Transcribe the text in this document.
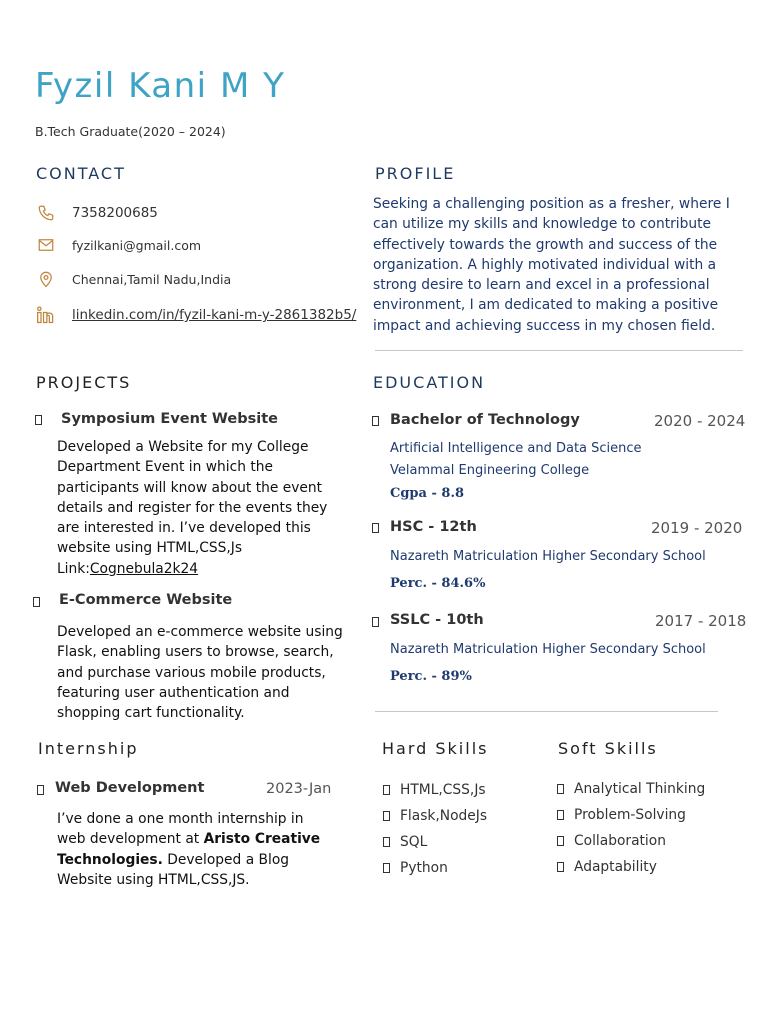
Fyzil Kani M Y
B.Tech Graduate(2020 – 2024)
CONTACT
7358200685
fyzilkani@gmail.com
Chennai,Tamil Nadu,India
linkedin.com/in/fyzil-kani-m-y-2861382b5/
PROFILE
Seeking a challenging position as a fresher, where I can utilize my skills and knowledge to contribute effectively towards the growth and success of the organization. A highly motivated individual with a strong desire to learn and excel in a professional environment, I am dedicated to making a positive impact and achieving success in my chosen field.
PROJECTS
Symposium Event Website
Developed a Website for my College Department Event in which the participants will know about the event details and register for the events they are interested in. I’ve developed this website using HTML,CSS,Js
Link:Cognebula2k24
E-Commerce Website
Developed an e-commerce website using Flask, enabling users to browse, search, and purchase various mobile products, featuring user authentication and shopping cart functionality.
EDUCATION
Bachelor of Technology	2020 - 2024
Artificial Intelligence and Data Science
Velammal Engineering College
Cgpa - 8.8
HSC - 12th	2019 - 2020
Nazareth Matriculation Higher Secondary School
Perc. - 84.6%
SSLC - 10th	2017 - 2018
Nazareth Matriculation Higher Secondary School
Perc. - 89%
Internship
Web Development	2023-Jan
I’ve done a one month internship in web development at Aristo Creative Technologies. Developed a Blog Website using HTML,CSS,JS.
Hard Skills
HTML,CSS,Js
Flask,NodeJs
SQL
Python
Soft Skills
Analytical Thinking
Problem-Solving
Collaboration
Adaptability
